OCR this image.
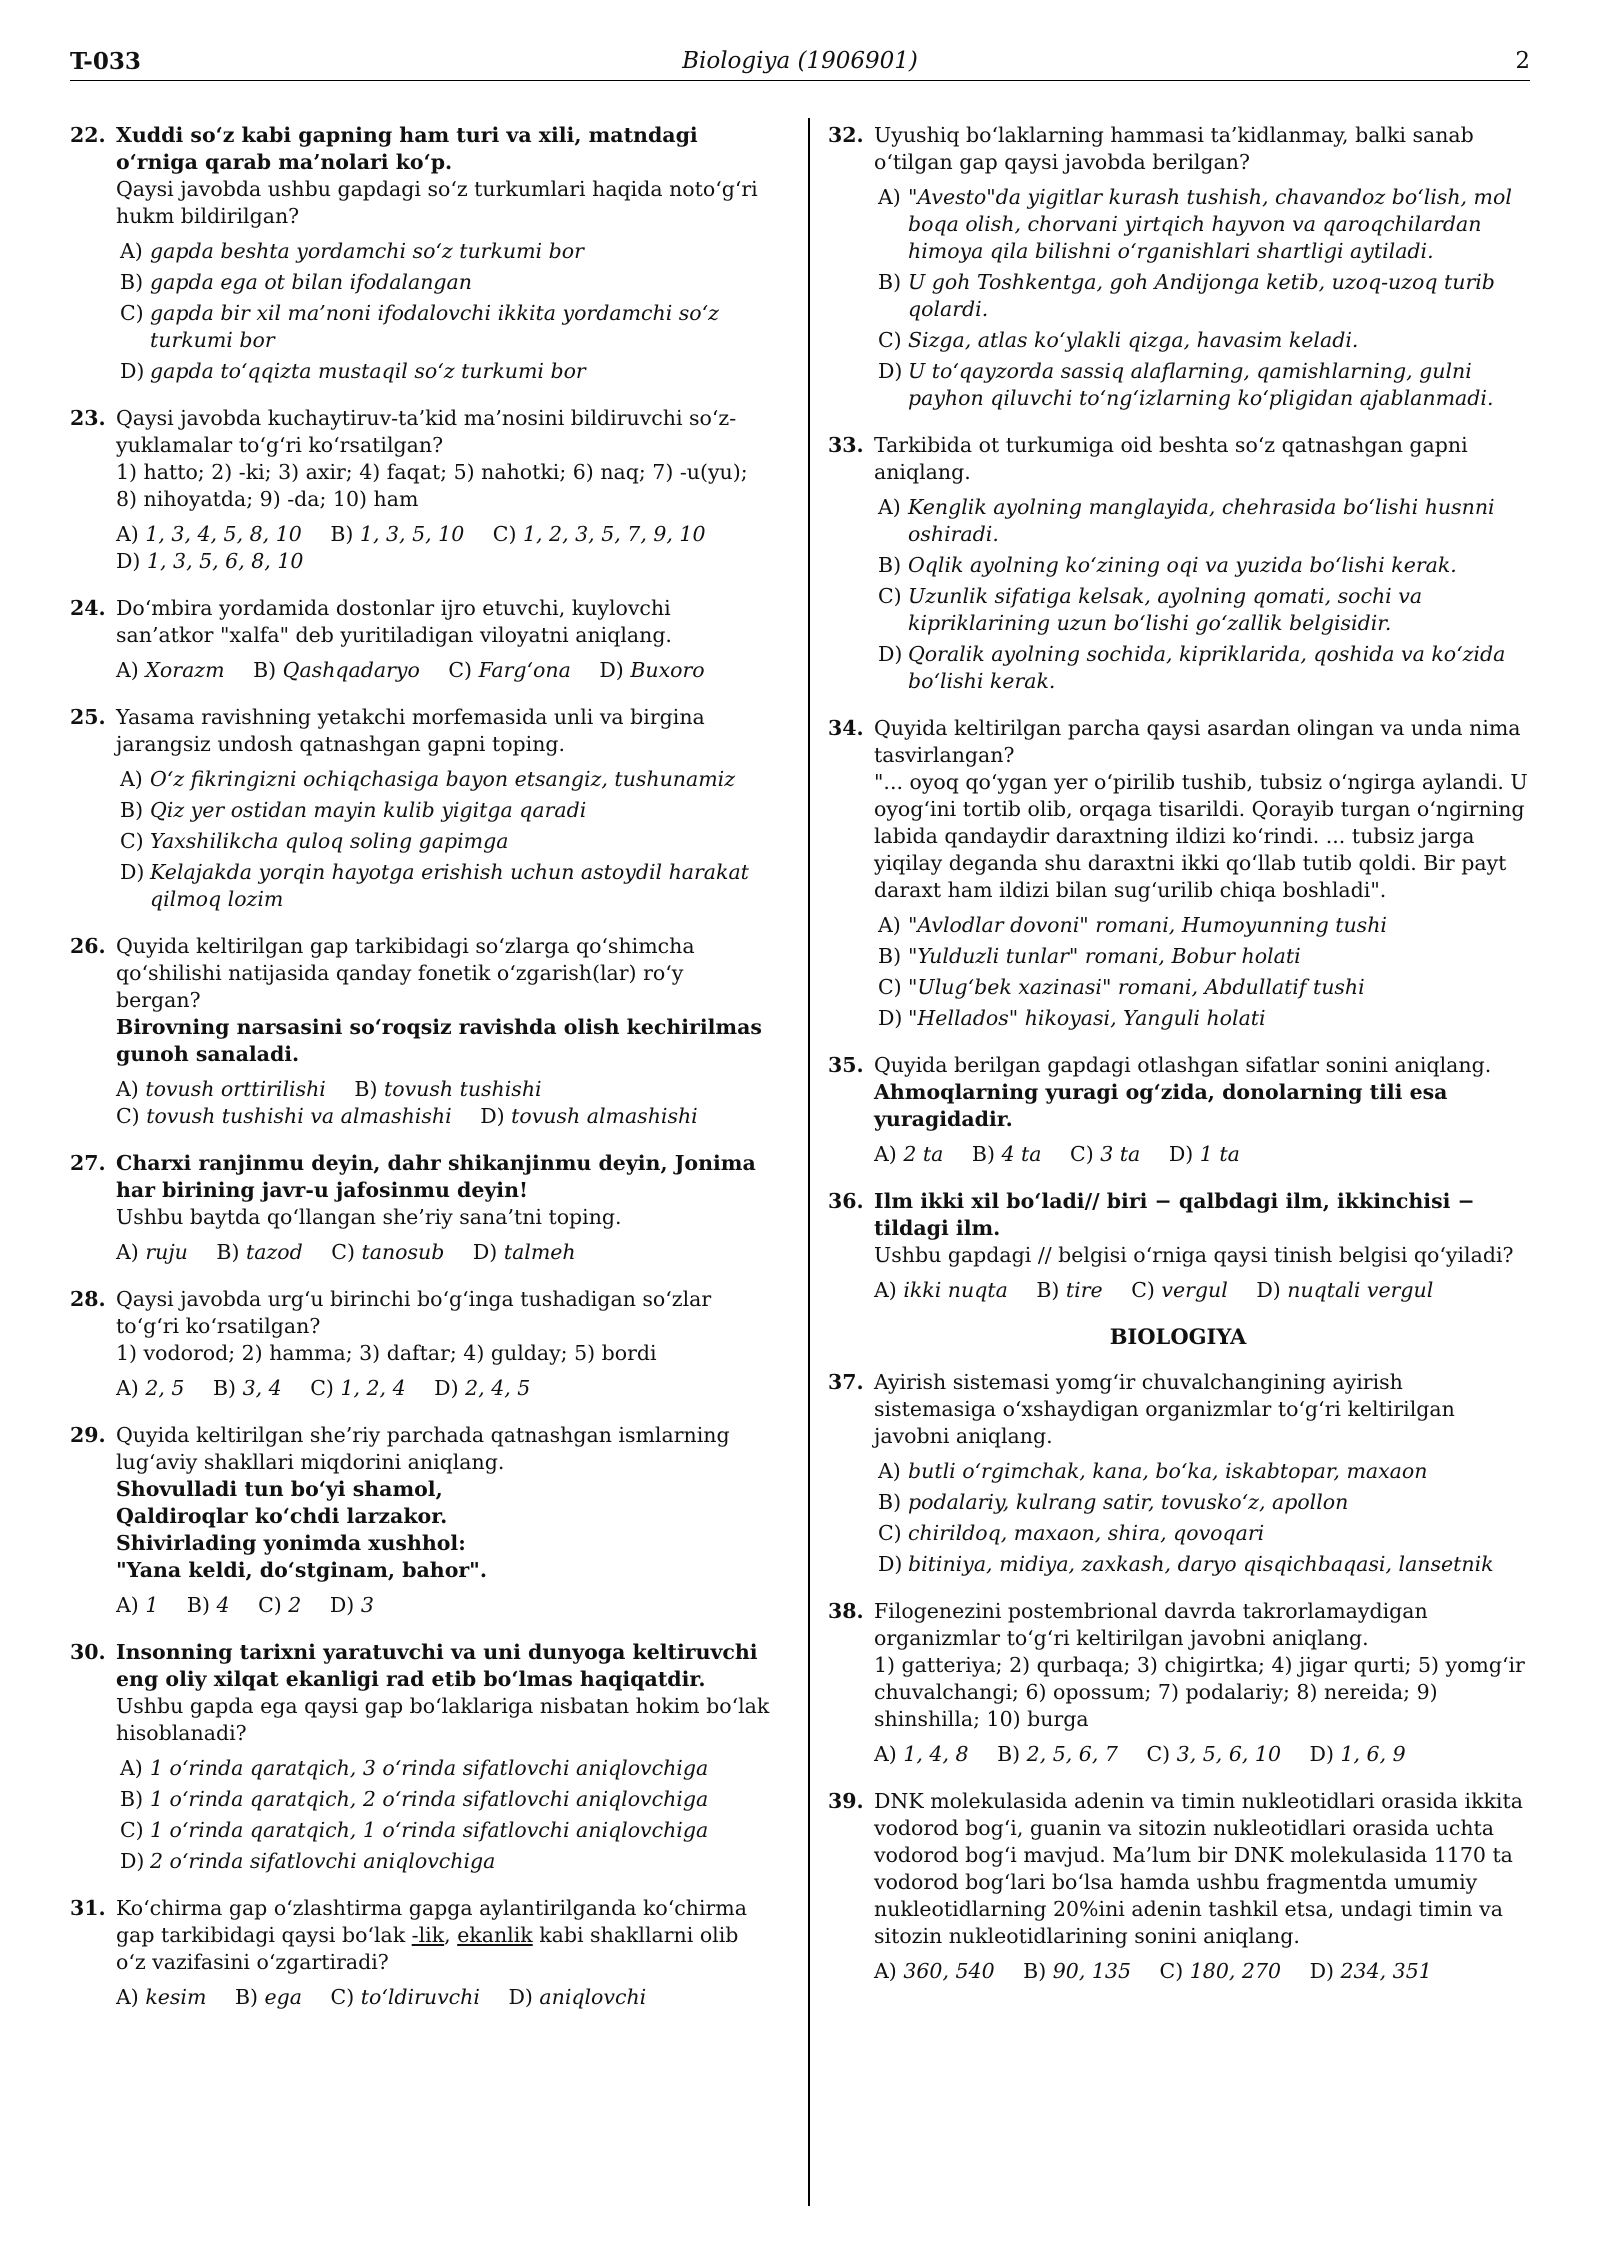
Biologiya (1906901)
T-033	2
22. Xuddi so‘z kabi gapning ham turi va xili, matndagi o‘rniga qarab ma’nolari ko‘p.
Qaysi javobda ushbu gapdagi so‘z turkumlari haqida noto‘g‘ri hukm bildirilgan?
A) gapda beshta yordamchi so‘z turkumi bor
B) gapda ega ot bilan ifodalangan
C) gapda bir xil ma’noni ifodalovchi ikkita yordamchi so‘z turkumi bor
D) gapda to‘qqizta mustaqil so‘z turkumi bor
23. Qaysi javobda kuchaytiruv-ta’kid ma’nosini bildiruvchi so‘z-yuklamalar to‘g‘ri ko‘rsatilgan?
1) hatto; 2) -ki; 3) axir; 4) faqat; 5) nahotki; 6) naq; 7) -u(yu); 8) nihoyatda; 9) -da; 10) ham
A) 1, 3, 4, 5, 8, 10 B) 1, 3, 5, 10 C) 1, 2, 3, 5, 7, 9, 10 D) 1, 3, 5, 6, 8, 10
24. Do‘mbira yordamida dostonlar ijro etuvchi, kuylovchi san’atkor "xalfa" deb yuritiladigan viloyatni aniqlang.
A) Xorazm B) Qashqadaryo C) Farg‘ona D) Buxoro
25. Yasama ravishning yetakchi morfemasida unli va birgina jarangsiz undosh qatnashgan gapni toping.
A) O‘z fikringizni ochiqchasiga bayon etsangiz, tushunamiz
B) Qiz yer ostidan mayin kulib yigitga qaradi
C) Yaxshilikcha quloq soling gapimga
D) Kelajakda yorqin hayotga erishish uchun astoydil harakat qilmoq lozim
26. Quyida keltirilgan gap tarkibidagi so‘zlarga qo‘shimcha qo‘shilishi natijasida qanday fonetik o‘zgarish(lar) ro‘y bergan?
Birovning narsasini so‘roqsiz ravishda olish kechirilmas gunoh sanaladi.
A) tovush orttirilishi B) tovush tushishi C) tovush tushishi va almashishi D) tovush almashishi
27. Charxi ranjinmu deyin, dahr shikanjinmu deyin, Jonima har birining javr-u jafosinmu deyin!
Ushbu baytda qo‘llangan she’riy sana’tni toping.
A) ruju B) tazod C) tanosub D) talmeh
28. Qaysi javobda urg‘u birinchi bo‘g‘inga tushadigan so‘zlar to‘g‘ri ko‘rsatilgan?
1) vodorod; 2) hamma; 3) daftar; 4) gulday; 5) bordi
A) 2, 5 B) 3, 4 C) 1, 2, 4 D) 2, 4, 5
29. Quyida keltirilgan she’riy parchada qatnashgan ismlarning lug‘aviy shakllari miqdorini aniqlang.
Shovulladi tun bo‘yi shamol,
Qaldiroqlar ko‘chdi larzakor.
Shivirlading yonimda xushhol:
"Yana keldi, do‘stginam, bahor".
A) 1 B) 4 C) 2 D) 3
30. Insonning tarixni yaratuvchi va uni dunyoga keltiruvchi eng oliy xilqat ekanligi rad etib bo‘lmas haqiqatdir.
Ushbu gapda ega qaysi gap bo‘laklariga nisbatan hokim bo‘lak hisoblanadi?
A) 1 o‘rinda qaratqich, 3 o‘rinda sifatlovchi aniqlovchiga
B) 1 o‘rinda qaratqich, 2 o‘rinda sifatlovchi aniqlovchiga
C) 1 o‘rinda qaratqich, 1 o‘rinda sifatlovchi aniqlovchiga
D) 2 o‘rinda sifatlovchi aniqlovchiga
31. Ko‘chirma gap o‘zlashtirma gapga aylantirilganda ko‘chirma gap tarkibidagi qaysi bo‘lak -lik, ekanlik kabi shakllarni olib o‘z vazifasini o‘zgartiradi?
A) kesim B) ega C) to‘ldiruvchi D) aniqlovchi
32. Uyushiq bo‘laklarning hammasi ta’kidlanmay, balki sanab o‘tilgan gap qaysi javobda berilgan?
A) "Avesto"da yigitlar kurash tushish, chavandoz bo‘lish, mol boqa olish, chorvani yirtqich hayvon va qaroqchilardan himoya qila bilishni o‘rganishlari shartligi aytiladi.
B) U goh Toshkentga, goh Andijonga ketib, uzoq-uzoq turib qolardi.
C) Sizga, atlas ko‘ylakli qizga, havasim keladi.
D) U to‘qayzorda sassiq alaflarning, qamishlarning, gulni payhon qiluvchi to‘ng‘izlarning ko‘pligidan ajablanmadi.
33. Tarkibida ot turkumiga oid beshta so‘z qatnashgan gapni aniqlang.
A) Kenglik ayolning manglayida, chehrasida bo‘lishi husnni oshiradi.
B) Oqlik ayolning ko‘zining oqi va yuzida bo‘lishi kerak.
C) Uzunlik sifatiga kelsak, ayolning qomati, sochi va kipriklarining uzun bo‘lishi go‘zallik belgisidir.
D) Qoralik ayolning sochida, kipriklarida, qoshida va ko‘zida bo‘lishi kerak.
34. Quyida keltirilgan parcha qaysi asardan olingan va unda nima tasvirlangan?
"... oyoq qo‘ygan yer o‘pirilib tushib, tubsiz o‘ngirga aylandi. U oyog‘ini tortib olib, orqaga tisarildi. Qorayib turgan o‘ngirning labida qandaydir daraxtning ildizi ko‘rindi. ... tubsiz jarga yiqilay deganda shu daraxtni ikki qo‘llab tutib qoldi. Bir payt daraxt ham ildizi bilan sug‘urilib chiqa boshladi".
A) "Avlodlar dovoni" romani, Humoyunning tushi
B) "Yulduzli tunlar" romani, Bobur holati
C) "Ulug‘bek xazinasi" romani, Abdullatif tushi
D) "Hellados" hikoyasi, Yanguli holati
35. Quyida berilgan gapdagi otlashgan sifatlar sonini aniqlang.
Ahmoqlarning yuragi og‘zida, donolarning tili esa yuragidadir.
A) 2 ta B) 4 ta C) 3 ta D) 1 ta
36. Ilm ikki xil bo‘ladi// biri − qalbdagi ilm, ikkinchisi − tildagi ilm.
Ushbu gapdagi // belgisi o‘rniga qaysi tinish belgisi qo‘yiladi?
A) ikki nuqta B) tire C) vergul D) nuqtali vergul
BIOLOGIYA
37. Ayirish sistemasi yomg‘ir chuvalchangining ayirish sistemasiga o‘xshaydigan organizmlar to‘g‘ri keltirilgan javobni aniqlang.
A) butli o‘rgimchak, kana, bo‘ka, iskabtopar, maxaon
B) podalariy, kulrang satir, tovusko‘z, apollon
C) chirildoq, maxaon, shira, qovoqari
D) bitiniya, midiya, zaxkash, daryo qisqichbaqasi, lansetnik
38. Filogenezini postembrional davrda takrorlamaydigan organizmlar to‘g‘ri keltirilgan javobni aniqlang.
1) gatteriya; 2) qurbaqa; 3) chigirtka; 4) jigar qurti; 5) yomg‘ir chuvalchangi; 6) opossum; 7) podalariy; 8) nereida; 9) shinshilla; 10) burga
A) 1, 4, 8 B) 2, 5, 6, 7 C) 3, 5, 6, 10 D) 1, 6, 9
39. DNK molekulasida adenin va timin nukleotidlari orasida ikkita vodorod bog‘i, guanin va sitozin nukleotidlari orasida uchta vodorod bog‘i mavjud. Ma’lum bir DNK molekulasida 1170 ta vodorod bog‘lari bo‘lsa hamda ushbu fragmentda umumiy nukleotidlarning 20%ini adenin tashkil etsa, undagi timin va sitozin nukleotidlarining sonini aniqlang.
A) 360, 540 B) 90, 135 C) 180, 270 D) 234, 351
